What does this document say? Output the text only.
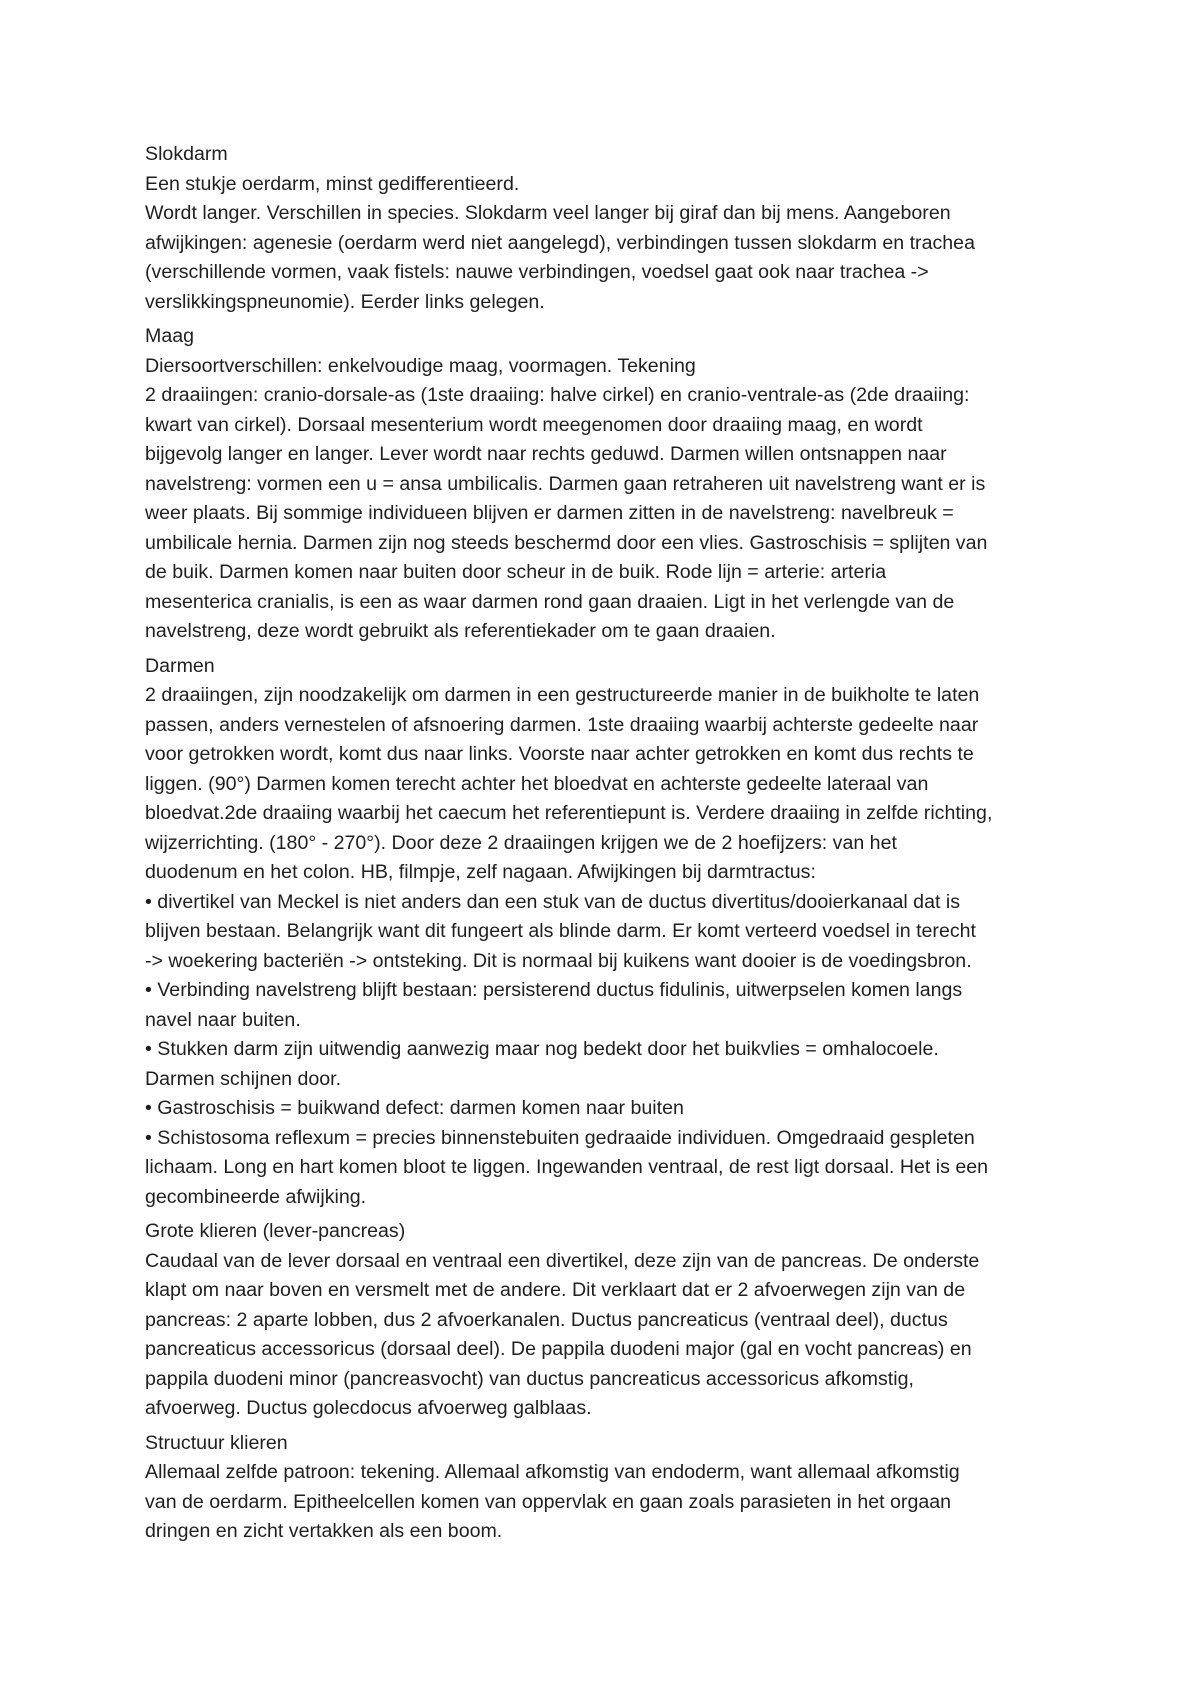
Slokdarm
Een stukje oerdarm, minst gedifferentieerd.
Wordt langer. Verschillen in species. Slokdarm veel langer bij giraf dan bij mens. Aangeboren
afwijkingen: agenesie (oerdarm werd niet aangelegd), verbindingen tussen slokdarm en trachea
(verschillende vormen, vaak fistels: nauwe verbindingen, voedsel gaat ook naar trachea ->
verslikkingspneunomie). Eerder links gelegen.
Maag
Diersoortverschillen: enkelvoudige maag, voormagen. Tekening
2 draaiingen: cranio-dorsale-as (1ste draaiing: halve cirkel) en cranio-ventrale-as (2de draaiing:
kwart van cirkel). Dorsaal mesenterium wordt meegenomen door draaiing maag, en wordt
bijgevolg langer en langer. Lever wordt naar rechts geduwd. Darmen willen ontsnappen naar
navelstreng: vormen een u = ansa umbilicalis. Darmen gaan retraheren uit navelstreng want er is
weer plaats. Bij sommige individueen blijven er darmen zitten in de navelstreng: navelbreuk =
umbilicale hernia. Darmen zijn nog steeds beschermd door een vlies. Gastroschisis = splijten van
de buik. Darmen komen naar buiten door scheur in de buik. Rode lijn = arterie: arteria
mesenterica cranialis, is een as waar darmen rond gaan draaien. Ligt in het verlengde van de
navelstreng, deze wordt gebruikt als referentiekader om te gaan draaien.
Darmen
2 draaiingen, zijn noodzakelijk om darmen in een gestructureerde manier in de buikholte te laten
passen, anders vernestelen of afsnoering darmen. 1ste draaiing waarbij achterste gedeelte naar
voor getrokken wordt, komt dus naar links. Voorste naar achter getrokken en komt dus rechts te
liggen. (90°) Darmen komen terecht achter het bloedvat en achterste gedeelte lateraal van
bloedvat.2de draaiing waarbij het caecum het referentiepunt is. Verdere draaiing in zelfde richting,
wijzerrichting. (180° - 270°). Door deze 2 draaiingen krijgen we de 2 hoefijzers: van het
duodenum en het colon. HB, filmpje, zelf nagaan. Afwijkingen bij darmtractus:
• divertikel van Meckel is niet anders dan een stuk van de ductus divertitus/dooierkanaal dat is
blijven bestaan. Belangrijk want dit fungeert als blinde darm. Er komt verteerd voedsel in terecht
-> woekering bacteriën -> ontsteking. Dit is normaal bij kuikens want dooier is de voedingsbron.
• Verbinding navelstreng blijft bestaan: persisterend ductus fidulinis, uitwerpselen komen langs
navel naar buiten.
• Stukken darm zijn uitwendig aanwezig maar nog bedekt door het buikvlies = omhalocoele.
Darmen schijnen door.
• Gastroschisis = buikwand defect: darmen komen naar buiten
• Schistosoma reflexum = precies binnenstebuiten gedraaide individuen. Omgedraaid gespleten
lichaam. Long en hart komen bloot te liggen. Ingewanden ventraal, de rest ligt dorsaal. Het is een
gecombineerde afwijking.
Grote klieren (lever-pancreas)
Caudaal van de lever dorsaal en ventraal een divertikel, deze zijn van de pancreas. De onderste
klapt om naar boven en versmelt met de andere. Dit verklaart dat er 2 afvoerwegen zijn van de
pancreas: 2 aparte lobben, dus 2 afvoerkanalen. Ductus pancreaticus (ventraal deel), ductus
pancreaticus accessoricus (dorsaal deel). De pappila duodeni major (gal en vocht pancreas) en
pappila duodeni minor (pancreasvocht) van ductus pancreaticus accessoricus afkomstig,
afvoerweg. Ductus golecdocus afvoerweg galblaas.
Structuur klieren
Allemaal zelfde patroon: tekening. Allemaal afkomstig van endoderm, want allemaal afkomstig
van de oerdarm. Epitheelcellen komen van oppervlak en gaan zoals parasieten in het orgaan
dringen en zicht vertakken als een boom.
